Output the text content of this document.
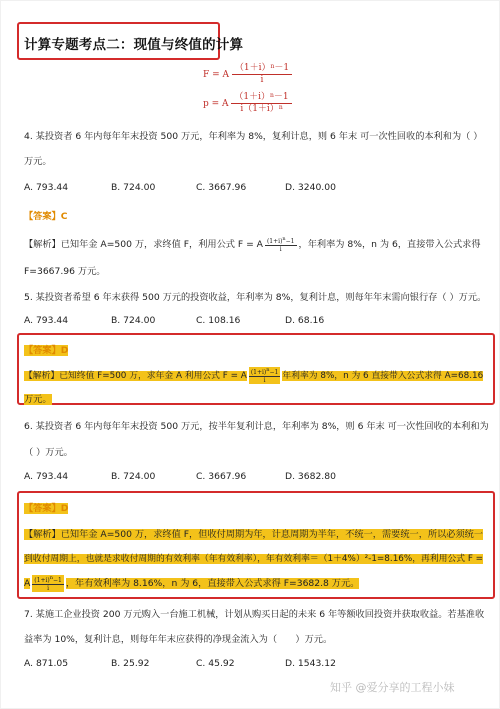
计算专题考点二：现值与终值的计算
F = A $\frac{(1+i)^n-1}{i}$
p = A $\frac{(1+i)^n-1}{i(1+i)^n}$
4. 某投资者 6 年内每年年末投资 500 万元，年利率为 8%，复利计息，则 6 年末 可一次性回收的本利和为（ ）
万元。
A. 793.44	B. 724.00	C. 3667.96	D. 3240.00
【答案】C
【解析】已知年金 A=500 万，求终值 F，利用公式 F = A $\frac{(1+i)^n-1}{i}$ ，年利率为 8%，n 为 6，直接带入公式求得
F=3667.96 万元。
5. 某投资者希望 6 年末获得 500 万元的投资收益，年利率为 8%，复利计息，则每年年末需向银行存（ ）万元。
A. 793.44	B. 724.00	C. 108.16	D. 68.16
【答案】D
【解析】已知终值 F=500 万，求年金 A 利用公式 F = A $\frac{(1+i)^n-1}{i}$ 年利率为 8%，n 为 6 直接带入公式求得 A=68.16
万元。
6. 某投资者 6 年内每年年末投资 500 万元，按半年复利计息，年利率为 8%，则 6 年末 可一次性回收的本利和为
（ ）万元。
A. 793.44	B. 724.00	C. 3667.96	D. 3682.80
【答案】D
【解析】已知年金 A=500 万，求终值 F，但收付周期为年，计息周期为半年，不统一，需要统一，所以必须统一
到收付周期上，也就是求收付周期的有效利率（年有效利率），年有效利率＝（1＋4%）²-1=8.16%，再利用公式 F =
A $\frac{(1+i)^n-1}{i}$ ，年有效利率为 8.16%，n 为 6，直接带入公式求得 F=3682.8 万元。
7. 某施工企业投资 200 万元购入一台施工机械，计划从购买日起的未来 6 年等额收回投资并获取收益。若基准收
益率为 10%，复利计息，则每年年末应获得的净现金流入为（　　）万元。
A. 871.05	B. 25.92	C. 45.92	D. 1543.12
知乎 @爱分享的工程小妹
